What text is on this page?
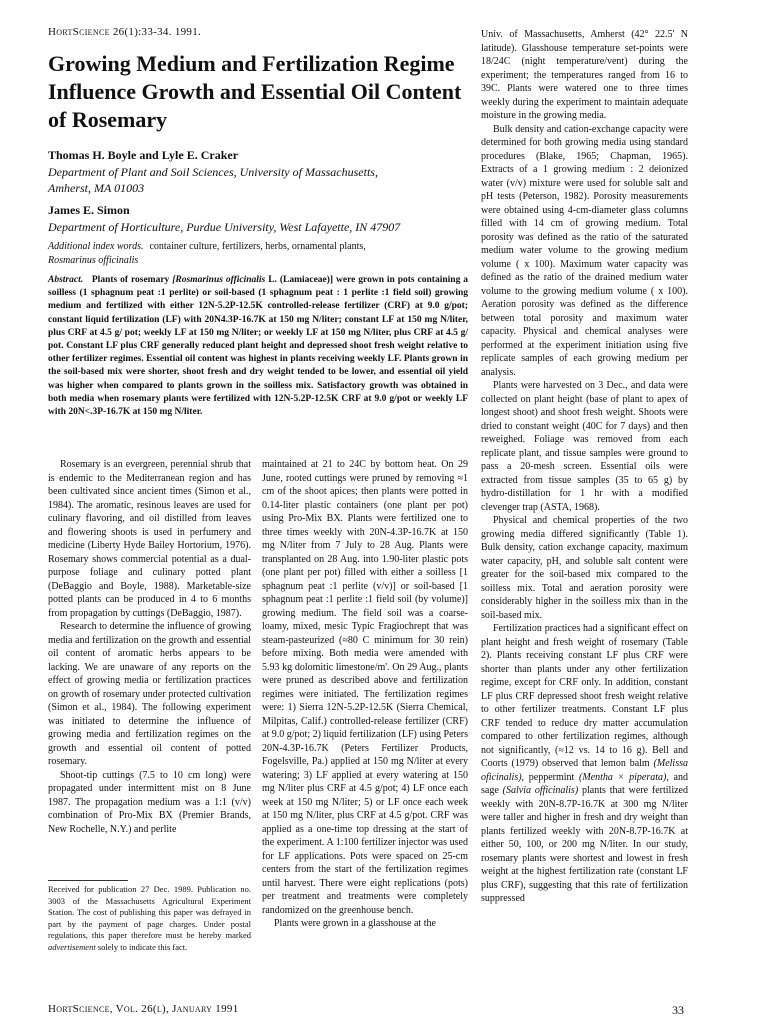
HortScience 26(1):33-34. 1991.
Growing Medium and Fertilization Regime Influence Growth and Essential Oil Content of Rosemary
Thomas H. Boyle and Lyle E. Craker
Department of Plant and Soil Sciences, University of Massachusetts,
Amherst, MA 01003
James E. Simon
Department of Horticulture, Purdue University, West Lafayette, IN 47907
Additional index words. container culture, fertilizers, herbs, ornamental plants,
Rosmarinus officinalis

Abstract. Plants of rosemary [Rosmarinus officinalis L. (Lamiaceae)] were grown in pots containing a soilless (1 sphagnum peat :1 perlite) or soil-based (1 sphagnum peat : 1 perlite :1 field soil) growing medium and fertilized with either 12N-5.2P-12.5K controlled-release fertilizer (CRF) at 9.0 g/pot; constant liquid fertilization (LF) with 20N4.3P-16.7K at 150 mg N/liter; constant LF at 150 mg N/liter, plus CRF at 4.5 g/ pot; weekly LF at 150 mg N/liter; or weekly LF at 150 mg N/liter, plus CRF at 4.5 g/ pot. Constant LF plus CRF generally reduced plant height and depressed shoot fresh weight relative to other fertilizer regimes. Essential oil content was highest in plants receiving weekly LF. Plants grown in the soil-based mix were shorter, shoot fresh and dry weight tended to be lower, and essential oil yield was higher when compared to plants grown in the soilless mix. Satisfactory growth was obtained in both media when rosemary plants were fertilized with 12N-5.2P-12.5K CRF at 9.0 g/pot or weekly LF with 20N<.3P-16.7K at 150 mg N/liter.

Rosemary is an evergreen, perennial shrub that is endemic to the Mediterranean region and has been cultivated since ancient times (Simon et al., 1984). The aromatic, resinous leaves are used for culinary flavoring, and oil distilled from leaves and flowering shoots is used in perfumery and medicine (Liberty Hyde Bailey Hortorium, 1976). Rosemary shows commercial potential as a dual-purpose foliage and culinary potted plant (DeBaggio and Boyle, 1988). Marketable-size potted plants can be produced in 4 to 6 months from propagation by cuttings (DeBaggio, 1987).

Research to determine the influence of growing media and fertilization on the growth and essential oil content of aromatic herbs appears to be lacking. We are unaware of any reports on the effect of growing media or fertilization practices on growth of rosemary under protected cultivation (Simon et al., 1984). The following experiment was initiated to determine the influence of growing media and fertilization regimes on the growth and essential oil content of potted rosemary.

Shoot-tip cuttings (7.5 to 10 cm long) were propagated under intermittent mist on 8 June 1987. The propagation medium was a 1:1 (v/v) combination of Pro-Mix BX (Premier Brands, New Rochelle, N.Y.) and perlite

Received for publication 27 Dec. 1989. Publication no. 3003 of the Massachusetts Agricultural Experiment Station. The cost of publishing this paper was defrayed in part by the payment of page charges. Under postal regulations, this paper therefore must be hereby marked advertisement solely to indicate this fact.

maintained at 21 to 24C by bottom heat. On 29 June, rooted cuttings were pruned by removing ≈1 cm of the shoot apices; then plants were potted in 0.14-liter plastic containers (one plant per pot) using Pro-Mix BX. Plants were fertilized one to three times weekly with 20N-4.3P-16.7K at 150 mg N/liter from 7 July to 28 Aug. Plants were transplanted on 28 Aug. into 1.90-liter plastic pots (one plant per pot) filled with either a soilless [1 sphagnum peat :1 perlite (v/v)] or soil-based [1 sphagnum peat :1 perlite :1 field soil (by volume)] growing medium. The field soil was a coarse-loamy, mixed, mesic Typic Fragiochrept that was steam-pasteurized (≈80 C minimum for 30 rein) before mixing. Both media were amended with 5.93 kg dolomitic limestone/m'. On 29 Aug., plants were pruned as described above and fertilization regimes were initiated. The fertilization regimes were: 1) Sierra 12N-5.2P-12.5K (Sierra Chemical, Milpitas, Calif.) controlled-release fertilizer (CRF) at 9.0 g/pot; 2) liquid fertilization (LF) using Peters 20N-4.3P-16.7K (Peters Fertilizer Products, Fogelsville, Pa.) applied at 150 mg N/liter at every watering; 3) LF applied at every watering at 150 mg N/liter plus CRF at 4.5 g/pot; 4) LF once each week at 150 mg N/liter; 5) or LF once each week at 150 mg N/liter, plus CRF at 4.5 g/pot. CRF was applied as a one-time top dressing at the start of the experiment. A 1:100 fertilizer injector was used for LF applications. Pots were spaced on 25-cm centers from the start of the fertilization regimes until harvest. There were eight replications (pots) per treatment and treatments were completely randomized on the greenhouse bench.

Plants were grown in a glasshouse at the

Univ. of Massachusetts, Amherst (42° 22.5' N latitude). Glasshouse temperature set-points were 18/24C (night temperature/vent) during the experiment; the temperatures ranged from 16 to 39C. Plants were watered one to three times weekly during the experiment to maintain adequate moisture in the growing media.

Bulk density and cation-exchange capacity were determined for both growing media using standard procedures (Blake, 1965; Chapman, 1965). Extracts of a 1 growing medium : 2 deionized water (v/v) mixture were used for soluble salt and pH tests (Peterson, 1982). Porosity measurements were obtained using 4-cm-diameter glass columns filled with 14 cm of growing medium. Total porosity was defined as the ratio of the saturated medium water volume to the growing medium volume ( x 100). Maximum water capacity was defined as the ratio of the drained medium water volume to the growing medium volume ( x 100). Aeration porosity was defined as the difference between total porosity and maximum water capacity. Physical and chemical analyses were performed at the experiment initiation using five replicate samples of each growing medium per analysis.

Plants were harvested on 3 Dec., and data were collected on plant height (base of plant to apex of longest shoot) and shoot fresh weight. Shoots were dried to constant weight (40C for 7 days) and then reweighed. Foliage was removed from each replicate plant, and tissue samples were ground to pass a 20-mesh screen. Essential oils were extracted from tissue samples (35 to 65 g) by hydro-distillation for 1 hr with a modified clevenger trap (ASTA, 1968).

Physical and chemical properties of the two growing media differed significantly (Table 1). Bulk density, cation exchange capacity, maximum water capacity, pH, and soluble salt content were greater for the soil-based mix compared to the soilless mix. Total and aeration porosity were considerably higher in the soilless mix than in the soil-based mix.

Fertilization practices had a significant effect on plant height and fresh weight of rosemary (Table 2). Plants receiving constant LF plus CRF were shorter than plants under any other fertilization regime, except for CRF only. In addition, constant LF plus CRF depressed shoot fresh weight relative to other fertilizer treatments. Constant LF plus CRF tended to reduce dry matter accumulation compared to other fertilization regimes, although not significantly, (≈12 vs. 14 to 16 g). Bell and Coorts (1979) observed that lemon balm (Melissa oficinalis), peppermint (Mentha × piperata), and sage (Salvia officinalis) plants that were fertilized weekly with 20N-8.7P-16.7K at 300 mg N/liter were taller and higher in fresh and dry weight than plants fertilized weekly with 20N-8.7P-16.7K at either 50, 100, or 200 mg N/liter. In our study, rosemary plants were shortest and lowest in fresh weight at the highest fertilization rate (constant LF plus CRF), suggesting that this rate of fertilization suppressed

HortScience, Vol. 26(l), January 1991	33
